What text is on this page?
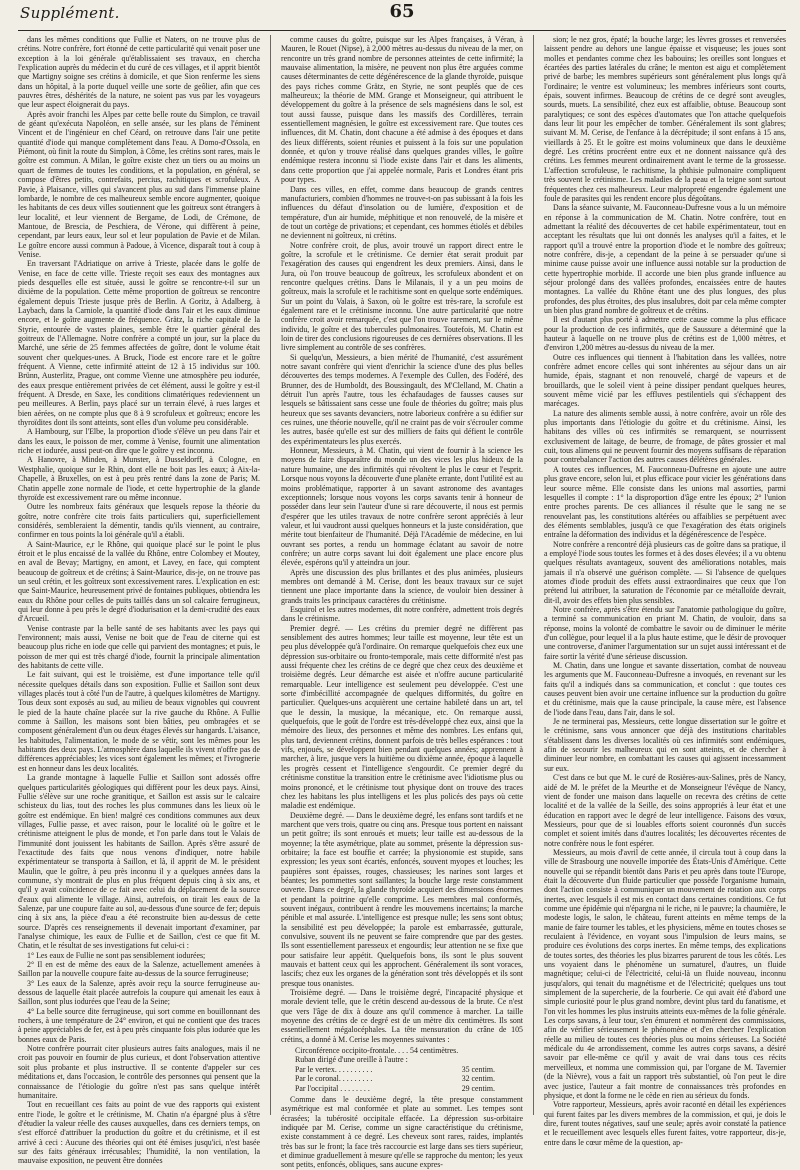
Supplément.	65

dans les mêmes conditions que Fullie et Naters, on ne trouve plus de crétins. Notre confrère, fort étonné de cette particularité qui venait poser une exception à la loi générale qu'établissaient ses travaux, en chercha l'explication auprès du médecin et du curé de ces villages, et il apprit bientôt que Martigny soigne ses crétins à domicile, et que Sion renferme les siens dans un hôpital, à la porte duquel veille une sorte de geôlier, afin que ces pauvres êtres, déshérités de la nature, ne soient pas vus par les voyageurs que leur aspect éloignerait du pays.

Après avoir franchi les Alpes par cette belle route du Simplon, ce travail de géant qu'exécuta Napoléon, en selle ansée, sur les plans de l'éminent Vincent et de l'ingénieur en chef Céard, on retrouve dans l'air une petite quantité d'iode qui manque complètement dans l'eau. A Domo-d'Ossola, en Piémont, où finit la route du Simplon, à Côme, les crétins sont rares, mais le goître est commun. A Milan, le goître existe chez un tiers ou au moins un quart de femmes de toutes les conditions, et la population, en général, se compose d'êtres petits, contrefaits, percius, rachitiques et scrofuleux. A Pavie, à Plaisance, villes qui s'avancent plus au sud dans l'immense plaine lombarde, le nombre de ces malheureux semble encore augmenter, quoique les habitants de ces deux villes soutiennent que les goitreux sont étrangers à leur localité, et leur viennent de Bergame, de Lodi, de Crémone, de Mantoue, de Brescia, de Peschiera, de Vérone, qui diffèrent à peine, cependant, par leurs eaux, leur sol et leur population de Pavie et de Milan. Le goître encore aussi commun à Padoue, à Vicence, disparaît tout à coup à Venise.

En traversant l'Adriatique on arrive à Trieste, placée dans le golfe de Venise, en face de cette ville. Trieste reçoit ses eaux des montagnes aux pieds desquelles elle est située, aussi le goître se rencontre-t-il sur un dixième de la population. Cette même proportion de goîtreux se rencontre également depuis Trieste jusque près de Berlin. A Goritz, à Adalberg, à Laybach, dans la Carniole, la quantité d'iode dans l'air et les eaux diminue encore, et le goître augmente de fréquence. Grätz, la riche capitale de la Styrie, entourée de vastes plaines, semble être le quartier général des goitreux de l'Allemagne. Notre confrère a compté un jour, sur la place du Marché, une série de 25 femmes affectées de goître, dont le volume était souvent cher quelques-unes. A Bruck, l'iode est encore rare et le goître fréquent. A Vienne, cette infirmité atteint de 12 à 15 individus sur 100. Brünn, Austerlitz, Prague, ont comme Vienne une atmosphère peu iodurée, des eaux presque entièrement privées de cet élément, aussi le goître y est-il fréquent. A Dresde, en Saxe, les conditions climatériques redeviennent un peu meilleures. A Berlin, pays placé sur un terrain élevé, à rues larges et bien aérées, on ne compte plus que 8 à 9 scrofuleux et goîtreux; encore les thyroïdites dont ils sont atteints, sont elles d'un volume peu considérable.

A Hambourg, sur l'Elbe, la proportion d'iode s'élève un peu dans l'air et dans les eaux, le poisson de mer, comme à Venise, fournit une alimentation riche et iodurée, aussi peut-on dire que le goître y est inconnu.

A Hanovre, à Minden, à Munster, à Dusseldorff, à Cologne, en Westphalie, quoique sur le Rhin, dont elle ne boit pas les eaux; à Aix-la-Chapelle, à Bruxelles, on est à peu près rentré dans la zone de Paris; M. Chatin appelle zone normale de l'iode, et cette hypertrophie de la glande thyroïde est excessivement rare ou même inconnue.

Outre les nombreux faits généraux que lesquels repose la théorie du goître, notre confrère cite trois faits particuliers qui, superficiellement considérés, sembleraient la démentir, tandis qu'ils viennent, au contraire, confirmer en tous points la loi générale qu'il a établi.

A Saint-Maurice, e,r le Rhône, qui quoique placé sur le point le plus étroit et le plus encaissé de la vallée du Rhône, entre Colombey et Moutey, en aval de Bevay; Martigny, en amont, et Lavey, en face, qui comptent beaucoup de goîtreux et de crétins; à Saint-Maurice, dis-je, on ne trouve pas un seul crétin, et les goîtreux sont excessivement rares. L'explication en est: que Saint-Maurice, heureusement privé de fontaines publiques, obtiendra les eaux du Rhône pour celles de puits taillés dans un sol calcaire ferrugineux, qui leur donne à peu près le degré d'iodurisation et la demi-crudité des eaux d'Arcueil.

Venise contraste par la belle santé de ses habitants avec les pays qui l'environnent; mais aussi, Venise ne boit que de l'eau de citerne qui est beaucoup plus riche en iode que celle qui parvient des montagnes; et puis, le poisson de mer qui est très chargé d'iode, fournit la principale alimentation des habitants de cette ville.

Le fait suivant, qui est le troisième, est d'une importance telle qu'il nécessite quelques détails dans son exposition. Fullie et Saillon sont deux villages placés tout à côté l'un de l'autre, à quelques kilomètres de Martigny. Tous deux sont exposés au sud, au milieu de beaux vignobles qui couvrent le pied de la haute chaîne placée sur la rive gauche du Rhône. A Fullie comme à Saillon, les maisons sont bien bâties, peu ombragées et se composent généralement d'un ou deux étages élevés sur hangards. L'aisance, les habitudes, l'alimentation, le mode de se vêtir, sont les mêmes pour les habitants des deux pays. L'atmosphère dans laquelle ils vivent n'offre pas de différences appréciables; les vices sont également les mêmes; et l'ivrognerie est en honneur dans les deux localités.

La grande montagne à laquelle Fullie et Saillon sont adossés offre quelques particularités géologiques qui diffèrent pour les deux pays. Ainsi, Fullie s'élève sur une roche granitique, et Saillon est assis sur le calcaire schisteux du lias, tout des roches les plus communes dans les lieux où le goître est endémique. En bien! malgré ces conditions communes aux deux villages, Fullie passe, et avec raison, pour le localité où le goître et le crétinisme atteignent le plus de monde, et l'on parle dans tout le Valais de l'immunité dont jouissent les habitants de Saillon. Après s'être assuré de l'exactitude des faits que nous venons d'indiquer, notre habile expérimentateur se transporta à Saillon, et là, il apprit de M. le président Maulin, que le goître, à peu près inconnu il y a quelques années dans la commune, s'y montrait de plus en plus fréquent depuis cinq à six ans, et qu'il y avait coïncidence de ce fait avec celui du déplacement de la source d'eaux qui alimente le village. Ainsi, autrefois, on tirait les eaux de la Salenze, par une coupure faite au sol, au-dessous d'une source de fer; depuis cinq à six ans, la pièce d'eau a été reconstruite bien au-dessus de cette source. D'après ces renseignements il devenait important d'examiner, par l'analyse chimique, les eaux de Fullie et de Saillon, c'est ce que fit M. Chatin, et le résultat de ses investigations fut celui-ci :

1° Les eaux de Fullie ne sont pas sensiblement iodurées;

2° Il en est de même des eaux de la Salenze, actuellement amenées à Saillon par la nouvelle coupure faite au-dessus de la source ferrugineuse;

3° Les eaux de la Salenze, après avoir reçu la source ferrugineuse au-dessous de laquelle était placée autrefois la coupure qui amenait les eaux à Saillon, sont plus iodurées que l'eau de la Seine;

4° La belle source dite ferrugineuse, qui sort comme en bouillonnant des rochers, à une température de 24° environ, et qui ne contient que des traces à peine appréciables de fer, est à peu près cinquante fois plus iodurée que les bonnes eaux de Paris.

Notre confrère pourrait citer plusieurs autres faits analogues, mais il ne croit pas pouvoir en fournir de plus curieux, et dont l'observation attentive soit plus probante et plus instructive. Il se contente d'appeler sur ces méditations et, dans l'occasion, le contrôle des personnes qui pensent que la connaissance de l'étiologie du goître n'est pas sans quelque intérêt humanitaire.

Tout en recueillant ces faits au point de vue des rapports qui existent entre l'iode, le goître et le crétinisme, M. Chatin n'a épargné plus à s'être d'étudier la valeur réelle des causes auxquelles, dans ces derniers temps, on s'est efforcé d'attribuer la production du goître et du crétinisme, et il est arrivé à ceci : Aucune des théories qui ont été émises jusqu'ici, n'est basée sur des faits généraux irrécusables; l'humidité, la non ventilation, la mauvaise exposition, ne peuvent être données

comme causes du goître, puisque sur les Alpes françaises, à Véran, à Mauren, le Rouet (Nipse), à 2,000 mètres au-dessus du niveau de la mer, on rencontre un très grand nombre de personnes atteintes de cette infirmité; la mauvaise alimentation, la misère, ne peuvent non plus être arguées comme causes déterminantes de cette dégénérescence de la glande thyroïde, puisque des pays riches comme Grätz, en Styrie, ne sont peuplés que de ces malheureux; la théorie de MM. Grange et Monseigneur, qui attribuent le développement du goître à la présence de sels magnésiens dans le sol, est tout aussi fausse, puisque dans les massifs des Cordillères, terrain essentiellement magnésien, le goître est excessivement rare. Que toutes ces influences, dit M. Chatin, dont chacune a été admise à des époques et dans des lieux différents, soient réunies et puissent à la fois sur une population donnée, et qu'on y trouve réalisé dans quelques grandes villes, le goître endémique restera inconnu si l'iode existe dans l'air et dans les aliments, dans cette proportion que j'ai appelée normale, Paris et Londres étant pris pour types.

Dans ces villes, en effet, comme dans beaucoup de grands centres manufacturiers, combien d'hommes ne trouve-t-on pas subissant à la fois les influences du défaut d'insolation ou de lumière, d'exposition et de température, d'un air humide, méphitique et non renouvelé, de la misère et de tout un cortège de privations; et cependant, ces hommes étiolés et débiles ne deviennent ni goîtreux, ni crétins.

Notre confrère croit, de plus, avoir trouvé un rapport direct entre le goître, la scrofule et le crétinisme. Ce dernier état serait produit par l'exagération des causes qui engendrent les deux premiers. Ainsi, dans le Jura, où l'on trouve beaucoup de goîtreux, les scrofuleux abondent et on rencontre quelques crétins. Dans le Milanais, il y a un peu moins de goîtreux, mais la scrofule et le rachitisme sont en quelque sorte endémiques. Sur un point du Valais, à Saxon, où le goître est très-rare, la scrofule est également rare et le crétinisme inconnu. Une autre particularité que notre confrère croit avoir remarquée, c'est que l'on trouve rarement, sur le même individu, le goître et des tubercules pulmonaires. Toutefois, M. Chatin est loin de tirer des conclusions rigoureuses de ces dernières observations. Il les livre simplement au contrôle de ses confrères.

Si quelqu'un, Messieurs, a bien mérité de l'humanité, c'est assurément notre savant confrère qui vient d'enrichir la science d'une des plus belles découvertes des temps modernes. A l'exemple des Cullen, des Fodéré, des Brunner, des de Humboldt, des Boussingault, des M'Clelland, M. Chatin a détruit l'un après l'autre, tous les échafaudages de fausses causes sur lesquels se bâtissaient sans cesse une foule de théories du goître; mais plus heureux que ses savants devanciers, notre laborieux confrère a su édifier sur ces ruines, une théorie nouvelle, qu'il ne craint pas de voir s'écrouler comme les autres, basée qu'elle est sur des milliers de faits qui défient le contrôle des expérimentateurs les plus exercés.

Honneur, Messieurs, à M. Chatin, qui vient de fournir à la science les moyens de faire disparaître du monde un des vices les plus hideux de la nature humaine, une des infirmités qui révoltent le plus le cœur et l'esprit. Lorsque nous voyons la découverte d'une planète errante, dont l'utilité est au moins problématique, rapporter à un savant astronome des avantages exceptionnels; lorsque nous voyons les corps savants tenir à honneur de posséder dans leur sein l'auteur d'une si rare découverte, il nous est permis d'espérer que les utiles travaux de notre confrère seront appréciés à leur valeur, et lui vaudront aussi quelques honneurs et la juste considération, que mérite tout bienfaiteur de l'humanité. Déjà l'Académie de médecine, en lui ouvrant ses portes, a rendu un hommage éclatant au savoir de notre confrère; un autre corps savant lui doit également une place encore plus élevée, espérons qu'il y atteindra un jour.

Après une discussion des plus brillantes et des plus animées, plusieurs membres ont demandé à M. Cerise, dont les beaux travaux sur ce sujet tiennent une place importante dans la science, de vouloir bien dessiner à grands traits les principaux caractères du crétinisme.

Esquirol et les autres modernes, dit notre confrère, admettent trois degrés dans le crétinisme.

Premier degré. — Les crétins du premier degré ne diffèrent pas sensiblement des autres hommes; leur taille est moyenne, leur tête est un peu plus développée qu'à l'ordinaire. On remarque quelquefois chez eux une dépression sus-orbitaire ou fronto-temporale, mais cette difformité n'est pas aussi fréquente chez les crétins de ce degré que chez ceux des deuxième et troisième degrés. Leur démarche est aisée et n'offre aucune particularité remarquable. Leur intelligence est seulement peu développée. C'est une sorte d'imbécillité accompagnée de quelques difformités, du goître en particulier. Quelques-uns acquièrent une certaine habileté dans un art, tel que le dessin, la musique, la mécanique, etc. On remarque aussi, quelquefois, que le goût de l'ordre est très-développé chez eux, ainsi que la mémoire des lieux, des personnes et même des nombres. Les enfans qui, plus tard, deviennent crétins, donnent parfois de très belles espérances : tout vifs, enjoués, se développent bien pendant quelques années; apprennent à marcher, à lire, jusque vers la huitième ou dixième année, époque à laquelle les progrès cessent et l'intelligence s'engourdit. Ce premier degré du crétinisme constitue la transition entre le crétinisme avec l'idiotisme plus ou moins prononcé, et le crétinisme tout physique dont on trouve des traces chez les habitans les plus intelligens et les plus policés des pays où cette maladie est endémique.

Deuxième degré. — Dans le deuxième degré, les enfans sont tardifs et ne marchent que vers trois, quatre ou cinq ans. Presque tous portent en naissant un petit goître; ils sont enroués et muets; leur taille est au-dessous de la moyenne; la tête asymétrique, plate au sommet, présente la dépression sus-orbitaire; la face est bouffie et carrée; la physionomie est stupide, sans expression; les yeux sont écartés, enfoncés, souvent myopes et louches; les paupières sont épaisses, rouges, chassieuses; les narines sont larges et béantes; les pommettes sont saillantes; la bouche large reste constamment ouverte. Dans ce degré, la glande thyroïde acquiert des dimensions énormes et pendant la poitrine qu'elle comprime. Les membres mal conformés, souvent inégaux, contribuent à rendre les mouvemens incertains; la marche pénible et mal assurée. L'intelligence est presque nulle; les sens sont obtus; la sensibilité est peu développée; la parole est embarrassée, gutturale, convulsive, souvent ils ne peuvent se faire comprendre que par des gestes. Ils sont essentiellement paresseux et engourdis; leur attention ne se fixe que pour satisfaire leur appétit. Quelquefois bons, ils sont le plus souvent mauvais et battent ceux qui les approchent. Généralement ils sont voraces, lascifs; chez eux les organes de la génération sont très développés et ils sont presque tous onanistes.

Troisième degré. — Dans le troisième degré, l'incapacité physique et morale devient telle, que le crétin descend au-dessous de la brute. Ce n'est que vers l'âge de dix à douze ans qu'il commence à marcher. La taille moyenne des crétins de ce degré est de un mètre dix centimètres. Ils sont essentiellement mégalocéphales. La tête mensuration du crâne de 105 crétins, a donné à M. Cerise les moyennes suivantes :

Circonférence occipito-frontale. . . . 54 centimètres.
Ruban dirigé d'une oreille à l'autre :
Par le vertex. . . . . . . . . .	35 centim.
Par le coronal. . . . . . . . .	32 centim.
Par l'occipital . . . . . . . .	29 centim.

Comme dans le deuxième degré, la tête presque constamment asymétrique est mal conformée et plate au sommet. Les tempes sont écrasées; la tubérosité occipitale effacée. La dépression sus-orbitaire indiquée par M. Cerise, comme un signe caractéristique du crétinisme, existe constamment à ce degré. Les cheveux sont rares, raides, implantés très bas sur le front; la face très raccourcie est large dans ses tiers supérieur, et diminue graduellement à mesure qu'elle se rapproche du menton; les yeux sont petits, enfoncés, obliques, sans aucune expres-

sion; le nez gros, épaté; la bouche large; les lèvres grosses et renversées laissent pendre au dehors une langue épaisse et visqueuse; les joues sont molles et pendantes comme chez les babouins; les oreilles sont longues et écartées des parties latérales du crâne; le menton est aigu et complètement privé de barbe; les membres supérieurs sont généralement plus longs qu'à l'ordinaire; le ventre est volumineux; les membres inférieurs sont courts, épais, souvent infirmes. Beaucoup de crétins de ce degré sont aveugles, sourds, muets. La sensibilité, chez eux est affaiblie, obtuse. Beaucoup sont paralytiques; ce sont des espèces d'automates que l'on attache quelquefois dans leur lit pour les empêcher de tomber. Généralement ils sont glabres; suivant M. M. Cerise, de l'enfance à la décrépitude; il sont enfans à 15 ans, vieillards à 25. Et le goître est moins volumineux que dans le deuxième degré. Les crétins procréent entre eux et ne donnent naissance qu'à des crétins. Les femmes meurent ordinairement avant le terme de la grossesse. L'affection scrofuleuse, le rachitisme, la phthisie pulmonaire compliquent très souvent le crétinisme. Les maladies de la peau et la teigne sont surtout fréquentes chez ces malheureux. Leur malpropreté engendre également une foule de parasites qui les rendent encore plus dégoûtans.

Dans la séance suivante, M. Fauconneau-Dufresne vous a lu un mémoire en réponse à la communication de M. Chatin. Notre confrère, tout en admettant la réalité des découvertes de cet habile expérimentateur, tout en acceptant les résultats que lui ont donnés les analyses qu'il a faites, et le rapport qu'il a trouvé entre la proportion d'iode et le nombre des goîtreux; notre confrère, dis-je, a cependant de la peine à se persuader qu'une si minime cause puisse avoir une influence aussi notable sur la production de cette hypertrophie morbide. Il accorde une bien plus grande influence au séjour prolongé dans des vallées profondes, encaissées entre de hautes montagnes. La vallée du Rhône étant une des plus longues, des plus profondes, des plus étroites, des plus insalubres, doit par cela même compter un bien plus grand nombre de goîtreux et de crétins.

Il est d'autant plus porté à admettre cette cause comme la plus efficace pour la production de ces infirmités, que de Saussure a déterminé que la hauteur à laquelle on ne trouve plus de crétins est de 1,000 mètres, et d'environ 1,200 mètres au-dessus du niveau de la mer.

Outre ces influences qui tiennent à l'habitation dans les vallées, notre confrère admet encore celles qui sont inhérentes au séjour dans un air humide, épais, stagnant et non renouvelé, chargé de vapeurs et de brouillards, que le soleil vient à peine dissiper pendant quelques heures, souvent même vicié par les effluves pestilentiels qui s'échappent des marécages.

La nature des aliments semble aussi, à notre confrère, avoir un rôle des plus importants dans l'étiologie du goître et du crétinisme. Ainsi, les habitans des villes où ces infirmités se remarquent, se nourrissent exclusivement de laitage, de beurre, de fromage, de pâtes grossier et mal cuit, tous alimens qui ne peuvent fournir des moyens suffisans de réparation pour contrebalancer l'action des autres causes délétères générales.

A toutes ces influences, M. Fauconneau-Dufresne en ajoute une autre plus grave encore, selon lui, et plus efficace pour vicier les générations dans leur source même. Elle consiste dans les unions mal assorties, parmi lesquelles il compte : 1° la disproportion d'âge entre les époux; 2° l'union entre proches parents. De ces alliances il résulte que le sang ne se renouvelant pas, les constitutions altérées ou affaiblies se perpétuent avec des éléments semblables, jusqu'à ce que l'exagération des états originels entraîne la déformation des individus et la dégénérescence de l'espèce.

Notre confrère a rencontré déjà plusieurs cas de goître dans sa pratique, il a employé l'iode sous toutes les formes et à des doses élevées; il a vu obtenu quelques résultats avantageux, souvent des améliorations notables, mais jamais il n'a observé une guérison complète. — Si l'absence de quelques atomes d'iode produit des effets aussi extraordinaires que ceux que l'on prétend lui attribuer, la saturation de l'économie par ce métalloïde devrait, dit-il, avoir des effets bien plus sensibles.

Notre confrère, après s'être étendu sur l'anatomie pathologique du goître, a terminé sa communication en priant M. Chatin, de vouloir, dans sa réponse, moins la volonté de combattre le savoir ou de diminuer le mérite d'un collègue, pour lequel il a la plus haute estime, que le désir de provoquer une controverse, d'animer l'argumentation sur un sujet aussi intéressant et de faire sortir la vérité d'une sérieuse discussion.

M. Chatin, dans une longue et savante dissertation, combat de nouveau les arguments que M. Fauconneau-Dufresne a invoqués, en revenant sur les faits qu'il a indiqués dans sa communication, et conclut : que toutes ces causes peuvent bien avoir une certaine influence sur la production du goître et du crétinisme, mais que la cause principale, la cause mère, est l'absence de l'iode dans l'eau, dans l'air, dans le sol.

Je ne terminerai pas, Messieurs, cette longue dissertation sur le goître et le crétinisme, sans vous annoncer que déjà des institutions charitables s'établissent dans les diverses localités où ces infirmités sont endémiques, afin de secourir les malheureux qui en sont atteints, et de chercher à diminuer leur nombre, en combattant les causes qui agissent incessamment sur eux.

C'est dans ce but que M. le curé de Rosières-aux-Salines, près de Nancy, aidé de M. le préfet de la Meurthe et de Monseigneur l'évêque de Nancy, vient de fonder une maison dans laquelle on recevra des crétins de cette localité et de la vallée de la Seille, des soins appropriés à leur état et une éducation en rapport avec le degré de leur intelligence. Faisons des vœux, Messieurs, pour que de si louables efforts soient couronnés d'un succès complet et soient imités dans d'autres localités; les découvertes récentes de notre confrère nous le font espérer.

Messieurs, au mois d'avril de cette année, il circula tout à coup dans la ville de Strasbourg une nouvelle importée des États-Unis d'Amérique. Cette nouvelle qui se répandit bientôt dans Paris et peu après dans toute l'Europe, était la découverte d'un fluide particulier que possède l'organisme humain, dont l'action consiste à communiquer un mouvement de rotation aux corps inertes, avec lesquels il est mis en contact dans certaines conditions. Ce fut comme une épidémie qui n'épargna ni le riche, ni le pauvre; la chaumière, le modeste logis, le salon, le château, furent atteints en même temps de la manie de faire tourner les tables, et les physiciens, même en toutes choses se reculaient à l'évidence, en voyant sous l'impulsion de leurs mains, se produire ces évolutions des corps inertes. En même temps, des explications de toutes sortes, des théories les plus bizarres parurent de tous les côtés. Les uns voyaient dans le phénomène un surnaturel, d'autres, un fluide magnétique; celui-ci de l'électricité, celui-là un fluide nouveau, inconnu jusqu'alors, qui tenait du magnétisme et de l'électricité; quelques uns tout simplement de la supercherie, de la fourberie. Ce qui avait été d'abord une simple curiosité pour le plus grand nombre, devint plus tard du fanatisme, et l'on vit les hommes les plus instruits atteints eux-mêmes de la folie générale. Les corps savans, à leur tour, s'en émurent et nommèrent des commissions, afin de vérifier sérieusement le phénomène et d'en chercher l'explication réelle au milieu de toutes ces théories plus ou moins sérieuses. La Société médicale du 4e arrondissement, comme les autres corps savans, a désiré savoir par elle-même ce qu'il y avait de vrai dans tous ces récits merveilleux, et nomma une commission qui, par l'organe de M. Tavernier (de la Nièvre), vous a fait un rapport très substantiel, où l'on peut le dire avec justice, l'auteur a fait montre de connaissances très profondes en physique, et dont la forme ne le cède en rien au sérieux du fonds.

Votre rapporteur, Messieurs, après avoir raconté en détail les expériences qui furent faites par les divers membres de la commission, et qui, je dois le dire, furent toutes négatives, sauf une seule; après avoir constaté la patience et le recueillement avec lesquels elles furent faites, votre rapporteur, dis-je, entre dans le cœur même de la question, ap-
